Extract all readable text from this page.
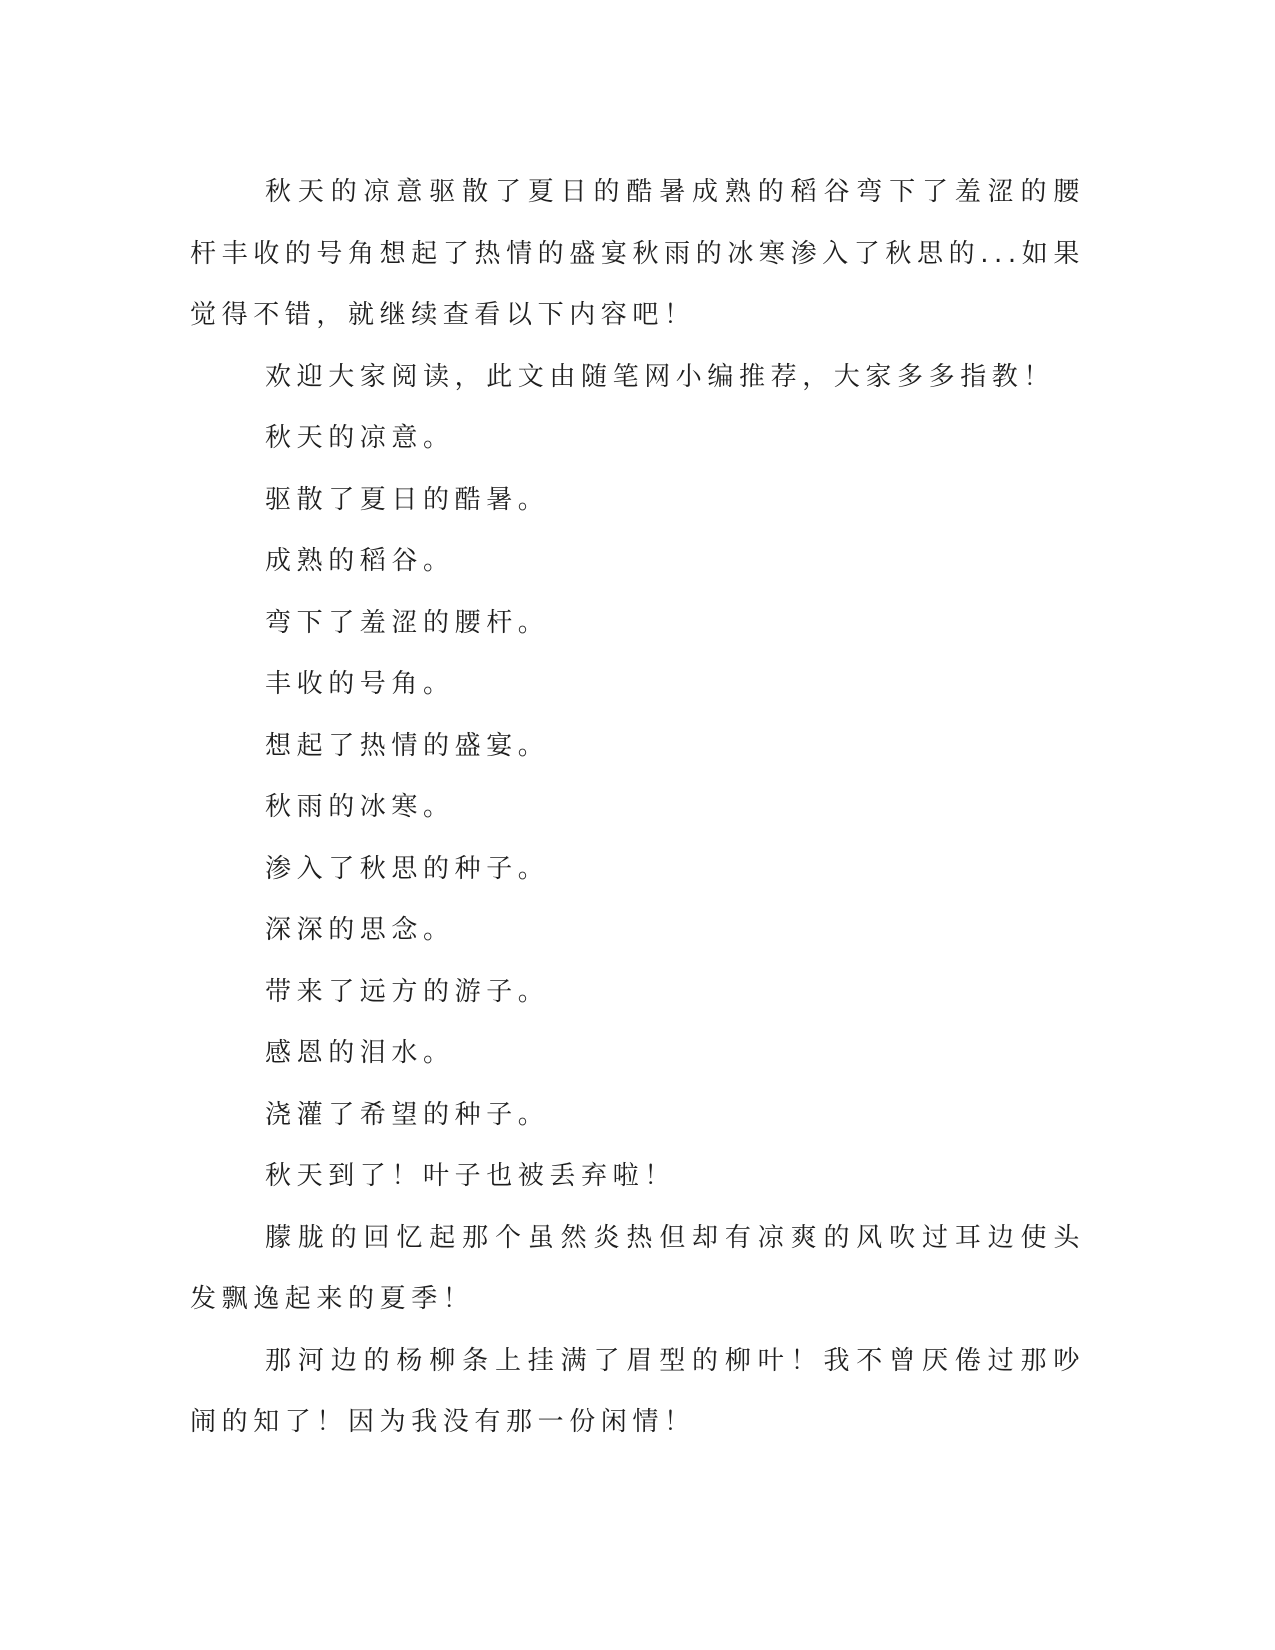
秋天的凉意驱散了夏日的酷暑成熟的稻谷弯下了羞涩的腰杆丰收的号角想起了热情的盛宴秋雨的冰寒渗入了秋思的...如果觉得不错，就继续查看以下内容吧！

欢迎大家阅读，此文由随笔网小编推荐，大家多多指教！

秋天的凉意。

驱散了夏日的酷暑。

成熟的稻谷。

弯下了羞涩的腰杆。

丰收的号角。

想起了热情的盛宴。

秋雨的冰寒。

渗入了秋思的种子。

深深的思念。

带来了远方的游子。

感恩的泪水。

浇灌了希望的种子。

秋天到了！叶子也被丢弃啦！

朦胧的回忆起那个虽然炎热但却有凉爽的风吹过耳边使头发飘逸起来的夏季！

那河边的杨柳条上挂满了眉型的柳叶！我不曾厌倦过那吵闹的知了！因为我没有那一份闲情！
